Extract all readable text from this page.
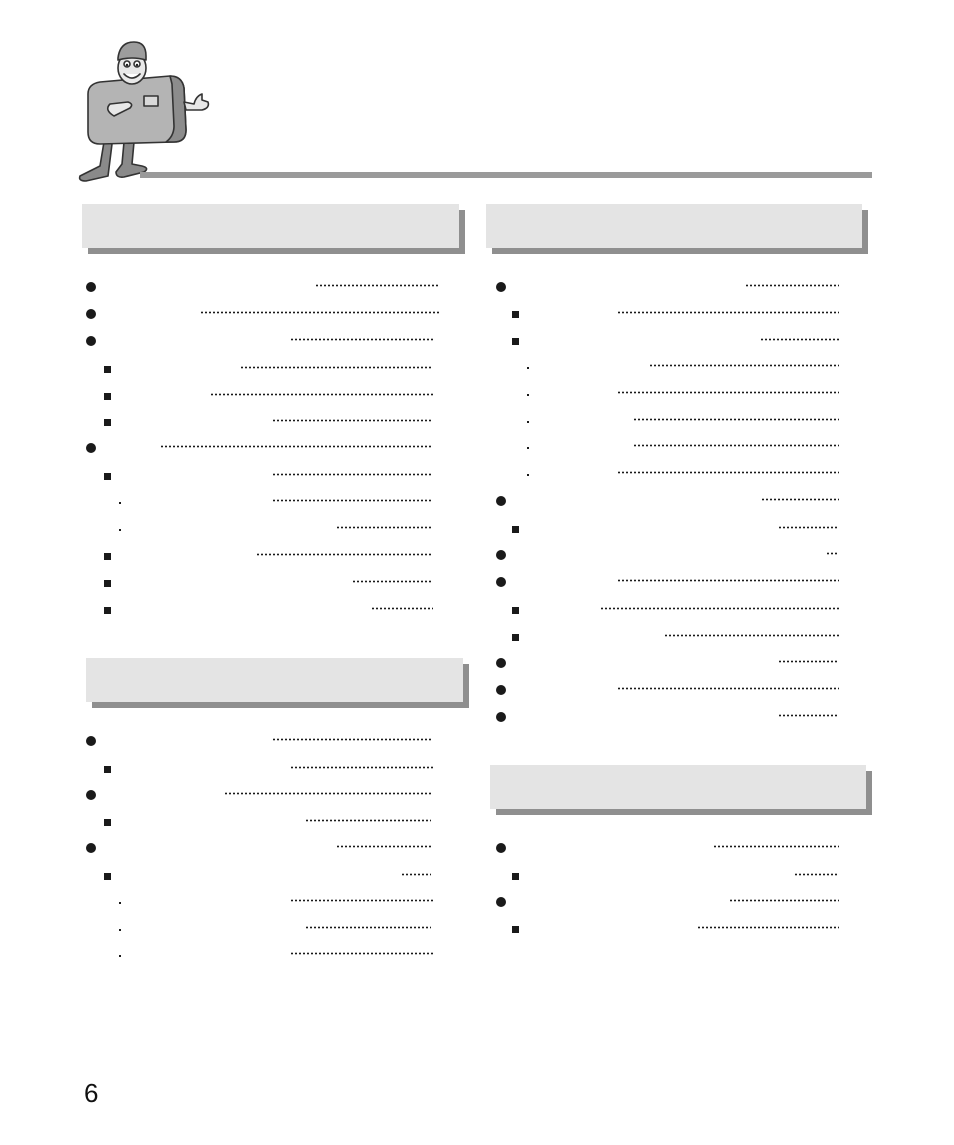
6
